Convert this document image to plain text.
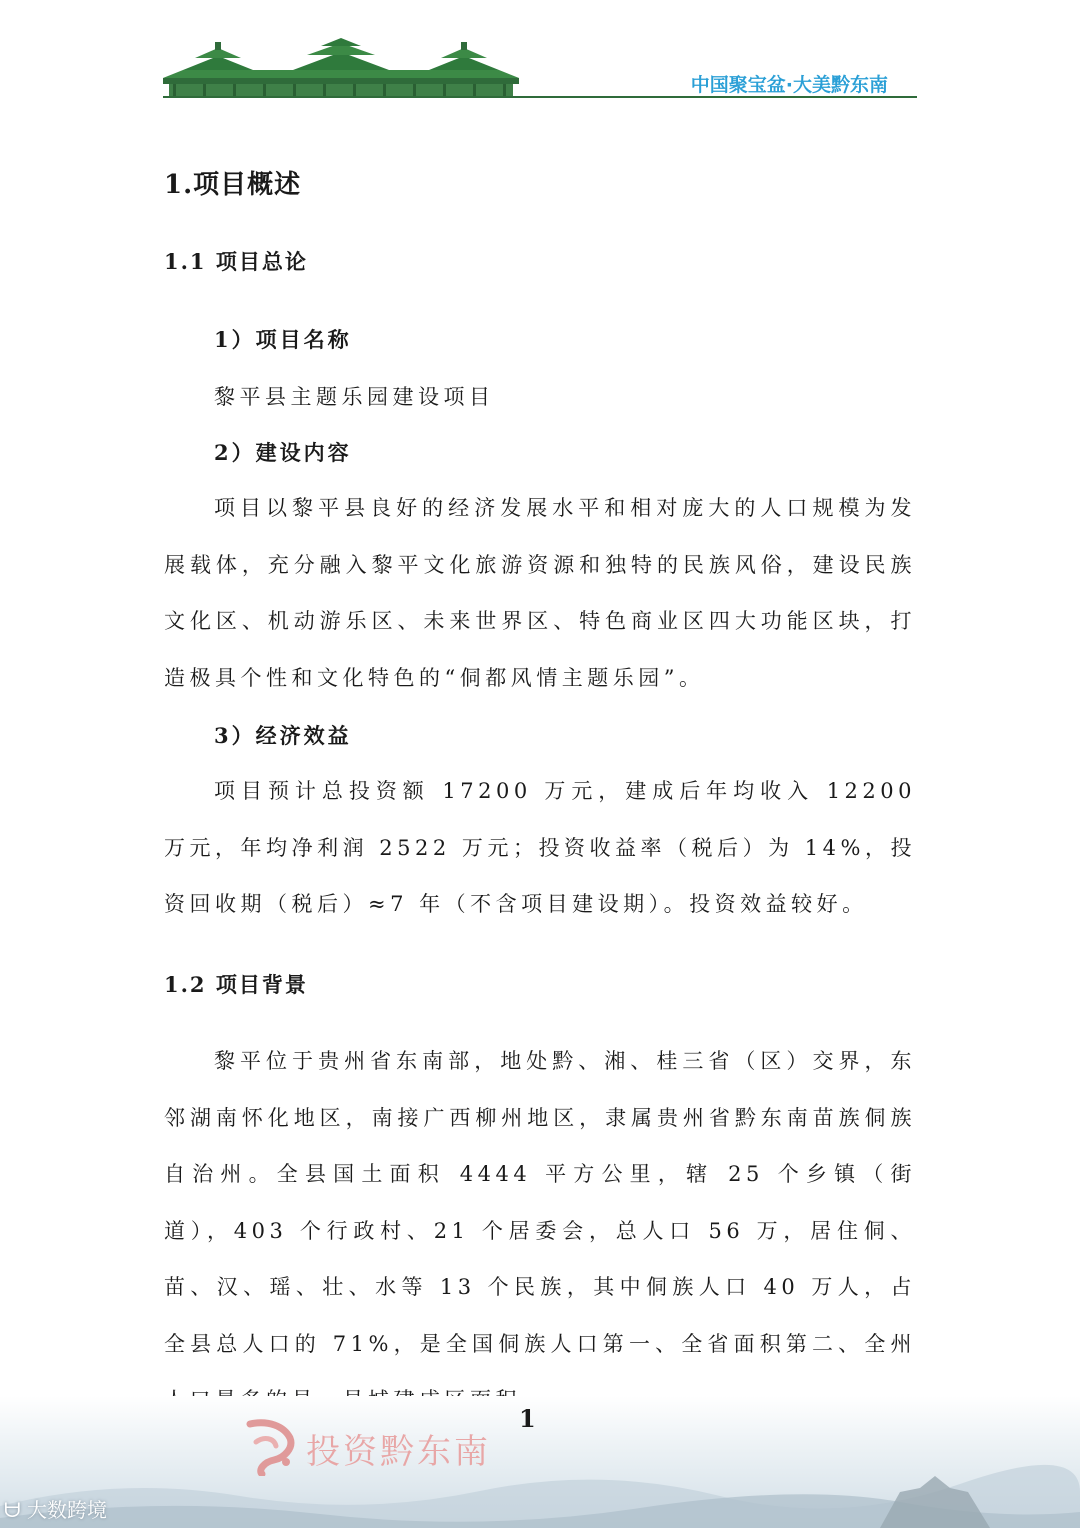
中国聚宝盆·大美黔东南
1.项目概述
1.1 项目总论
1）项目名称
黎平县主题乐园建设项目
2）建设内容

项目以黎平县良好的经济发展水平和相对庞大的人口规模为发展载体，充分融入黎平文化旅游资源和独特的民族风俗，建设民族文化区、机动游乐区、未来世界区、特色商业区四大功能区块，打造极具个性和文化特色的“侗都风情主题乐园”。

3）经济效益

项目预计总投资额 17200 万元，建成后年均收入 12200 万元，年均净利润 2522 万元；投资收益率（税后）为 14%，投资回收期（税后）≈7 年（不含项目建设期）。投资效益较好。

1.2 项目背景

黎平位于贵州省东南部，地处黔、湘、桂三省（区）交界，东邻湖南怀化地区，南接广西柳州地区，隶属贵州省黔东南苗族侗族自治州。全县国土面积 4444 平方公里，辖 25 个乡镇（街道），403 个行政村、21 个居委会，总人口 56 万，居住侗、苗、汉、瑶、壮、水等 13 个民族，其中侗族人口 40 万人，占全县总人口的 71%，是全国侗族人口第一、全省面积第二、全州

1
投资黔东南
ᗨ 大数跨境
